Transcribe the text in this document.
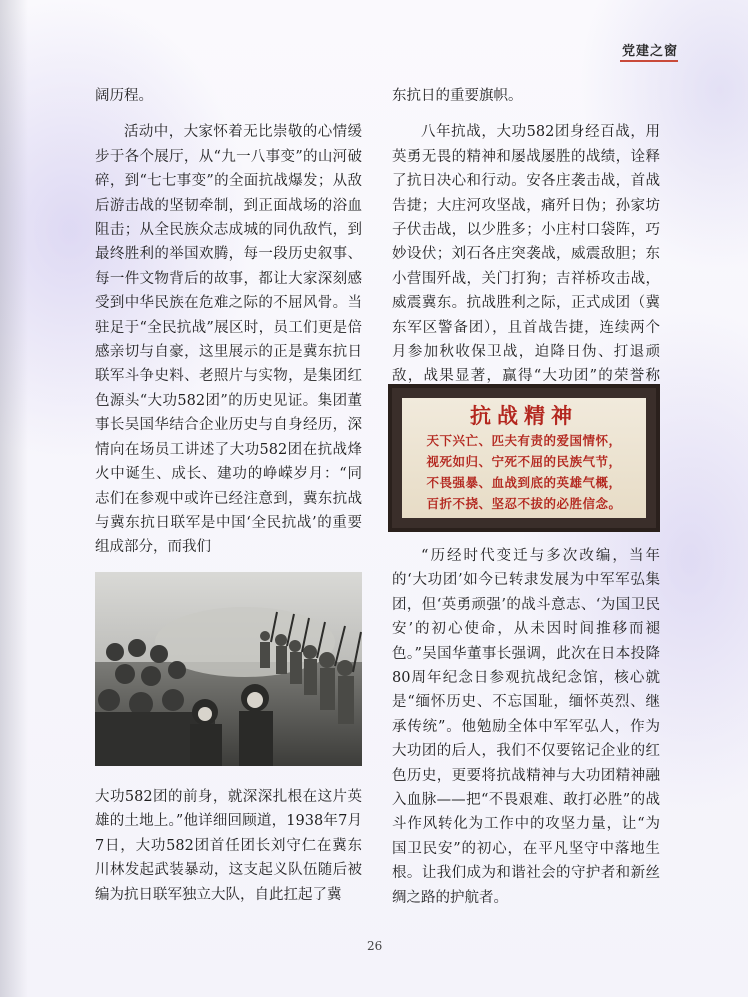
党建之窗

阔历程。

活动中，大家怀着无比崇敬的心情缓步于各个展厅，从“九一八事变”的山河破碎，到“七七事变”的全面抗战爆发；从敌后游击战的坚韧牵制，到正面战场的浴血阻击；从全民族众志成城的同仇敌忾，到最终胜利的举国欢腾，每一段历史叙事、每一件文物背后的故事，都让大家深刻感受到中华民族在危难之际的不屈风骨。当驻足于“全民抗战”展区时，员工们更是倍感亲切与自豪，这里展示的正是冀东抗日联军斗争史料、老照片与实物，是集团红色源头“大功582团”的历史见证。集团董事长吴国华结合企业历史与自身经历，深情向在场员工讲述了大功582团在抗战烽火中诞生、成长、建功的峥嵘岁月：“同志们在参观中或许已经注意到，冀东抗战与冀东抗日联军是中国‘全民抗战’的重要组成部分，而我们

大功582团的前身，就深深扎根在这片英雄的土地上。”他详细回顾道，1938年7月7日，大功582团首任团长刘守仁在冀东川林发起武装暴动，这支起义队伍随后被编为抗日联军独立大队，自此扛起了冀

东抗日的重要旗帜。

八年抗战，大功582团身经百战，用英勇无畏的精神和屡战屡胜的战绩，诠释了抗日决心和行动。安各庄袭击战，首战告捷；大庄河攻坚战，痛歼日伪；孙家坊子伏击战，以少胜多；小庄村口袋阵，巧妙设伏；刘石各庄突袭战，威震敌胆；东小营围歼战，关门打狗；吉祥桥攻击战，威震冀东。抗战胜利之际，正式成团（冀东军区警备团），且首战告捷，连续两个月参加秋收保卫战，迫降日伪、打退顽敌，战果显著，赢得“大功团”的荣誉称

抗战精神
天下兴亡、匹夫有责的爱国情怀，
视死如归、宁死不屈的民族气节，
不畏强暴、血战到底的英雄气概，
百折不挠、坚忍不拔的必胜信念。

“历经时代变迁与多次改编，当年的‘大功团’如今已转隶发展为中军军弘集团，但‘英勇顽强’的战斗意志、‘为国卫民安’的初心使命，从未因时间推移而褪色。”吴国华董事长强调，此次在日本投降80周年纪念日参观抗战纪念馆，核心就是“缅怀历史、不忘国耻，缅怀英烈、继承传统”。他勉励全体中军军弘人，作为大功团的后人，我们不仅要铭记企业的红色历史，更要将抗战精神与大功团精神融入血脉——把“不畏艰难、敢打必胜”的战斗作风转化为工作中的攻坚力量，让“为国卫民安”的初心，在平凡坚守中落地生根。让我们成为和谐社会的守护者和新丝绸之路的护航者。

26
